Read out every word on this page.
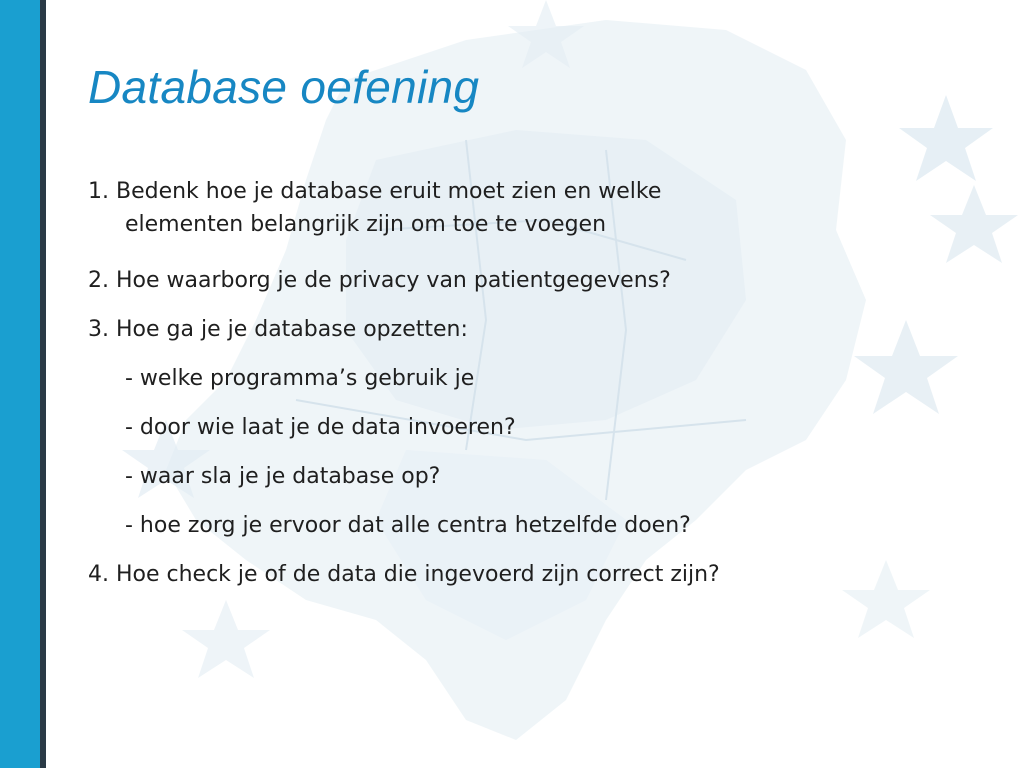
Database oefening
1. Bedenk hoe je database eruit moet zien en welke
elementen belangrijk zijn om toe te voegen
2. Hoe waarborg je de privacy van patientgegevens?
3. Hoe ga je je database opzetten:
- welke programma’s gebruik je
- door wie laat je de data invoeren?
- waar sla je je database op?
- hoe zorg je ervoor dat alle centra hetzelfde doen?
4. Hoe check je of de data die ingevoerd zijn correct zijn?
